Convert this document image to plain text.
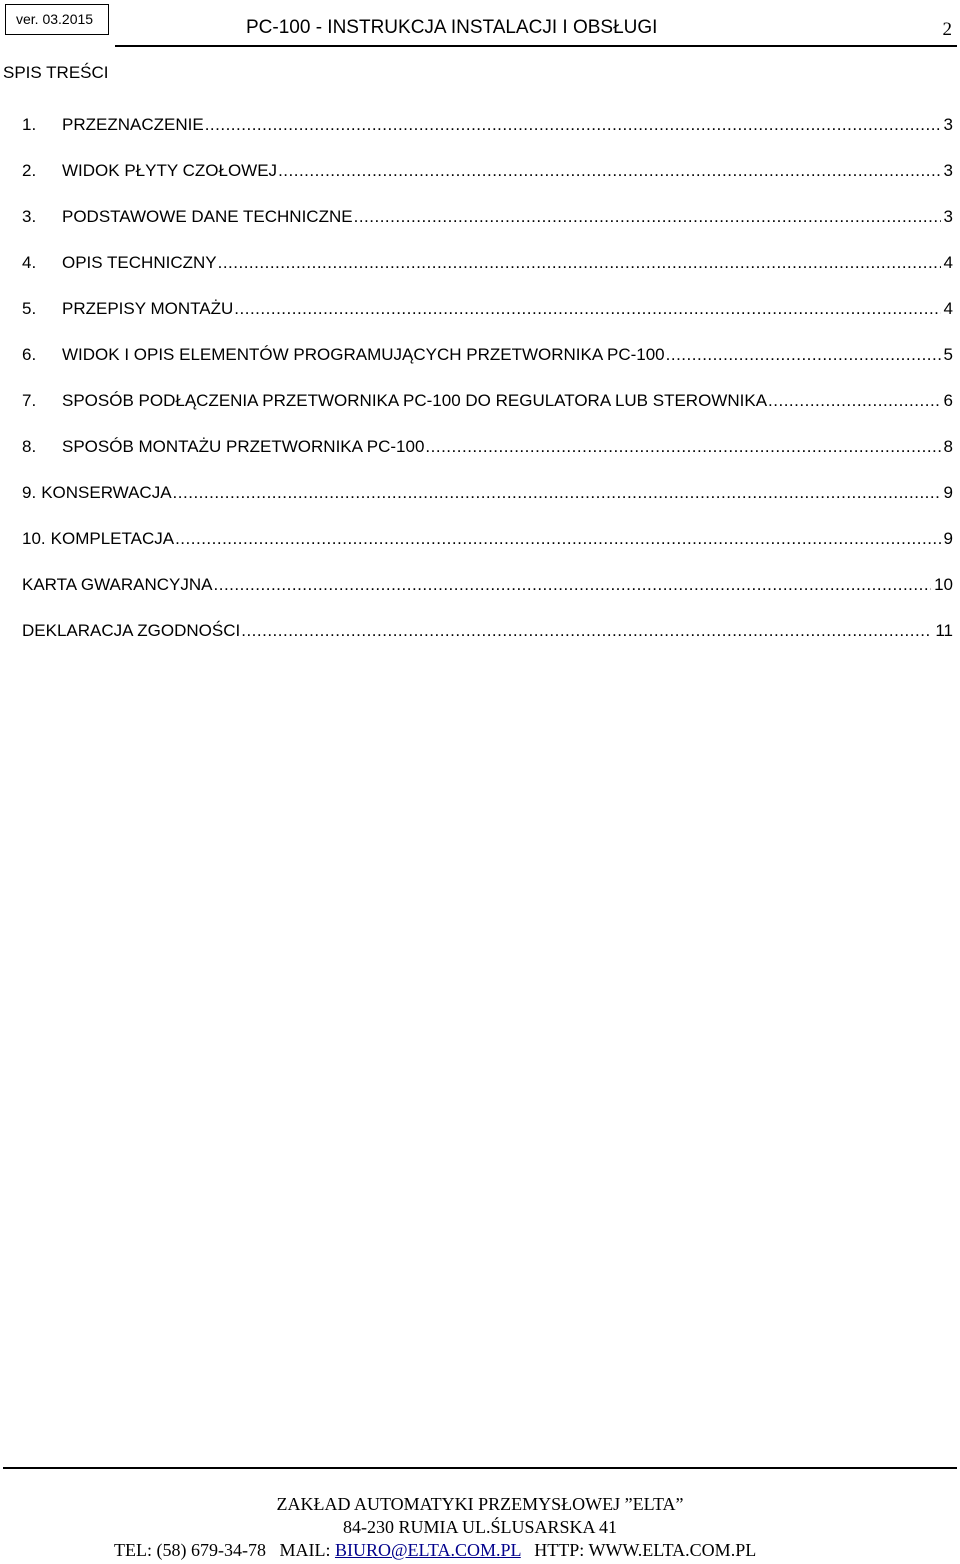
ver. 03.2015	PC-100 - INSTRUKCJA INSTALACJI I OBSŁUGI	2
SPIS TREŚCI
1.	PRZEZNACZENIE .....	3
2.	WIDOK PŁYTY CZOŁOWEJ .....	3
3.	PODSTAWOWE DANE TECHNICZNE .....	3
4.	OPIS TECHNICZNY .....	4
5.	PRZEPISY MONTAŻU .....	4
6.	WIDOK I OPIS ELEMENTÓW PROGRAMUJĄCYCH PRZETWORNIKA PC-100 .....	5
7.	SPOSÓB PODŁĄCZENIA PRZETWORNIKA PC-100 DO REGULATORA LUB STEROWNIKA .....	6
8.	SPOSÓB MONTAŻU PRZETWORNIKA PC-100 .....	8
9. KONSERWACJA .....	9
10. KOMPLETACJA .....	9
KARTA GWARANCYJNA .....	10
DEKLARACJA ZGODNOŚCI .....	11
ZAKŁAD AUTOMATYKI PRZEMYSŁOWEJ ”ELTA”
84-230 RUMIA UL.ŚLUSARSKA 41
TEL: (58) 679-34-78 MAIL: BIURO@ELTA.COM.PL HTTP: WWW.ELTA.COM.PL
